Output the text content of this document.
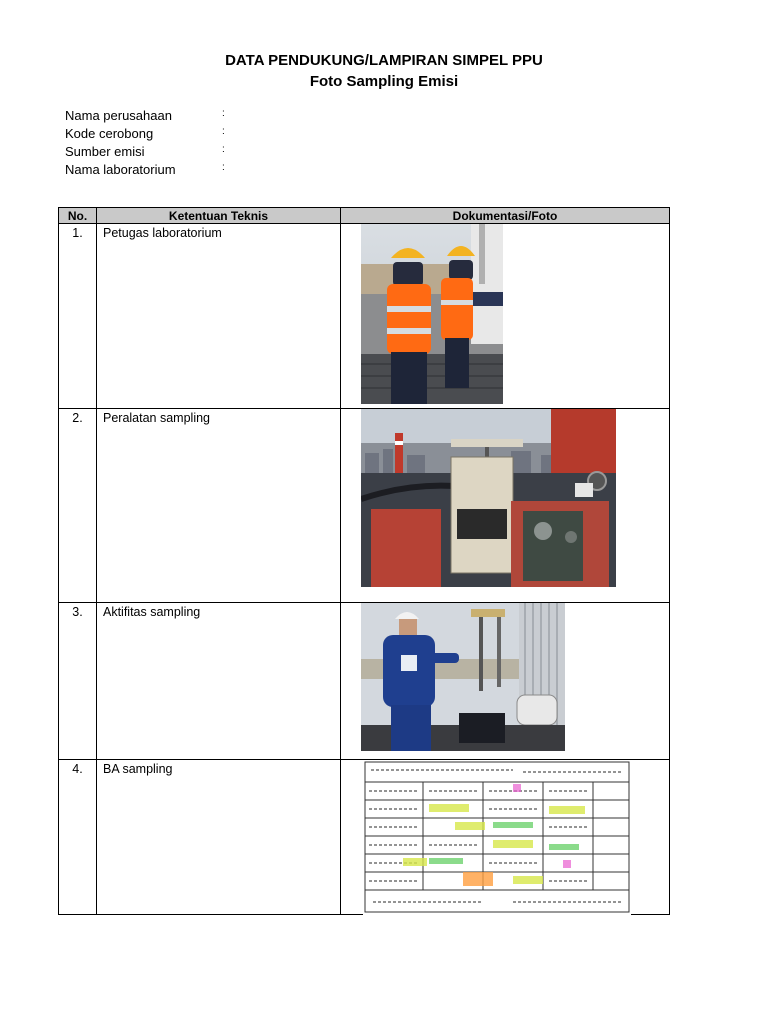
DATA PENDUKUNG/LAMPIRAN SIMPEL PPU
Foto Sampling Emisi
Nama perusahaan	:
Kode cerobong	:
Sumber emisi	:
Nama laboratorium	:
No.	Ketentuan Teknis	Dokumentasi/Foto
1.	Petugas laboratorium	

2.	Peralatan sampling	

3.	Aktifitas sampling	

4.	BA sampling	
